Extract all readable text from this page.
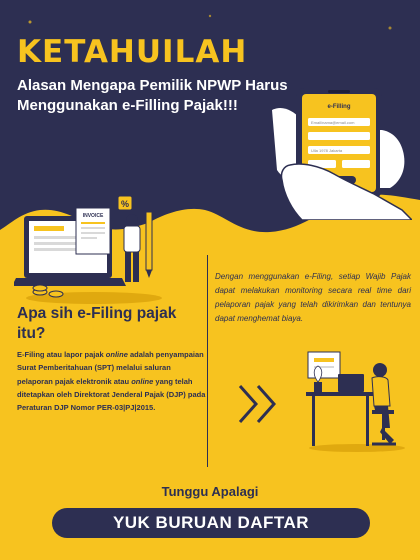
KETAHUILAH
Alasan Mengapa Pemilik NPWP Harus
Menggunakan e-Filling Pajak!!!	e-Filling
Email/nama@email.com
Ulla 1978 Jakarta
INVOICE
%
Dengan menggunakan e-Filing, setiap Wajib Pajak dapat melakukan monitoring secara real time dari pelaporan pajak yang telah dikirimkan dan tentunya dapat menghemat biaya.
Apa sih e-Filing pajak itu?
E-Filing atau lapor pajak online adalah penyampaian Surat Pemberitahuan (SPT) melalui saluran pelaporan pajak elektronik atau online yang telah ditetapkan oleh Direktorat Jenderal Pajak (DJP) pada Peraturan DJP Nomor PER-03|PJ|2015.
Tunggu Apalagi
YUK BURUAN DAFTAR
